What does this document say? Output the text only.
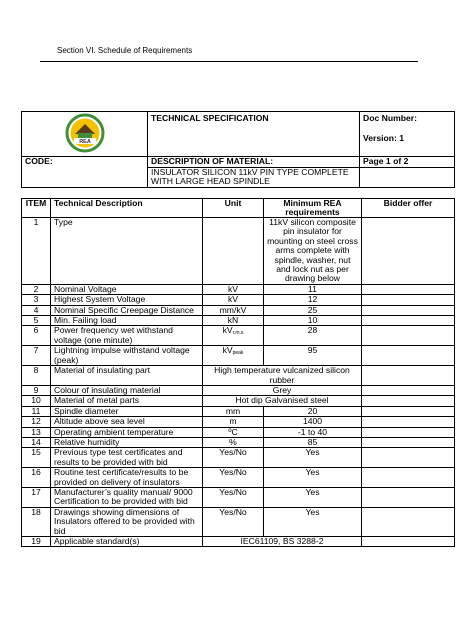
Section VI. Schedule of Requirements
REA	TECHNICAL SPECIFICATION	Doc Number:
Version: 1

CODE:	DESCRIPTION OF MATERIAL:	Page 1 of 2
	INSULATOR SILICON 11kV PIN TYPE COMPLETE WITH LARGE HEAD SPINDLE	
ITEM	Technical Description	Unit	Minimum REA requirements	Bidder offer
1	Type		11kV silicon composite pin insulator for mounting on steel cross arms complete with spindle, washer, nut and lock nut as per drawing below	
2	Nominal Voltage	kV	11	
3	Highest System Voltage	kV	12	
4	Nominal Specific Creepage Distance	mm/kV	25	
5	Min. Failing load	kN	10	
6	Power frequency wet withstand voltage (one minute)	$kV_{r.m.s}$	28	
7	Lightning impulse withstand voltage (peak)	$kV_{peak}$	95	
8	Material of insulating part	High temperature vulcanized silicon rubber		
9	Colour of insulating material	Grey		
10	Material of metal parts	Hot dip Galvanised steel		
11	Spindle diameter	mm	20	
12	Altitude above sea level	m	1400	
13	Operating ambient temperature	ºC	-1 to 40	
14	Relative humidity	%	85	
15	Previous type test certificates and results to be provided with bid	Yes/No	Yes	
16	Routine test certificate/results to be provided on delivery of insulators	Yes/No	Yes	
17	Manufacturer’s quality manual/ 9000 Certification to be provided with bid	Yes/No	Yes	
18	Drawings showing dimensions of Insulators offered to be provided with bid	Yes/No	Yes	
19	Applicable standard(s)	IEC61109, BS 3288-2		
